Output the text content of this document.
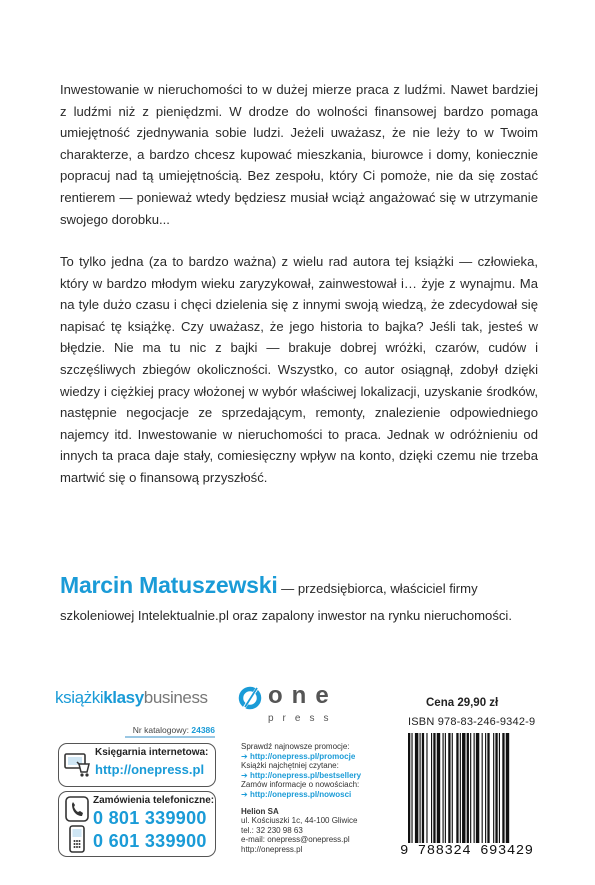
Inwestowanie w nieruchomości to w dużej mierze praca z ludźmi. Nawet bardziej z ludźmi niż z pieniędzmi. W drodze do wolności finansowej bardzo pomaga umiejętność zjednywania sobie ludzi. Jeżeli uważasz, że nie leży to w Twoim charakterze, a bardzo chcesz kupować mieszkania, biurowce i domy, koniecznie popracuj nad tą umiejętnością. Bez zespołu, który Ci pomoże, nie da się zostać rentierem — ponieważ wtedy będziesz musiał wciąż angażować się w utrzymanie swojego dorobku...

To tylko jedna (za to bardzo ważna) z wielu rad autora tej książki — człowieka, który w bardzo młodym wieku zaryzykował, zainwestował i… żyje z wynajmu. Ma na tyle dużo czasu i chęci dzielenia się z innymi swoją wiedzą, że zdecydował się napisać tę książkę. Czy uważasz, że jego historia to bajka? Jeśli tak, jesteś w błędzie. Nie ma tu nic z bajki — brakuje dobrej wróżki, czarów, cudów i szczęśliwych zbiegów okoliczności. Wszystko, co autor osiągnął, zdobył dzięki wiedzy i ciężkiej pracy włożonej w wybór właściwej lokalizacji, uzyskanie środków, następnie negocjacje ze sprzedającym, remonty, znalezienie odpowiedniego najemcy itd. Inwestowanie w nieruchomości to praca. Jednak w odróżnieniu od innych ta praca daje stały, comiesięczny wpływ na konto, dzięki czemu nie trzeba martwić się o finansową przyszłość.

Marcin Matuszewski — przedsiębiorca, właściciel firmy
szkoleniowej Intelektualnie.pl oraz zapalony inwestor na rynku nieruchomości.
książkiklasybusiness
Nr katalogowy: 24386
Księgarnia internetowa:
http://onepress.pl
Zamówienia telefoniczne:
0 801 339900
0 601 339900
one
press
Sprawdź najnowsze promocje:
➔ http://onepress.pl/promocje
Książki najchętniej czytane:
➔ http://onepress.pl/bestsellery
Zamów informacje o nowościach:
➔ http://onepress.pl/nowosci
Helion SA
ul. Kościuszki 1c, 44-100 Gliwice
tel.: 32 230 98 63
e-mail: onepress@onepress.pl
http://onepress.pl
Cena 29,90 zł
ISBN 978-83-246-9342-9
9 788324 693429
